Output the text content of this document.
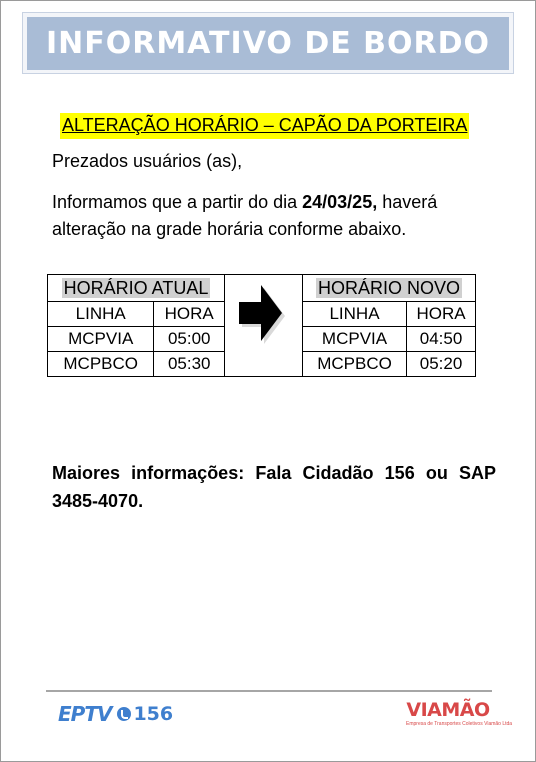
INFORMATIVO DE BORDO
ALTERAÇÃO HORÁRIO – CAPÃO DA PORTEIRA
Prezados usuários (as),

Informamos que a partir do dia 24/03/25, haverá alteração na grade horária conforme abaixo.

HORÁRIO ATUAL	
LINHA	HORA
MCPVIA	05:00
MCPBCO	05:30
HORÁRIO NOVO	
LINHA	HORA
MCPVIA	04:50
MCPBCO	05:20

Maiores informações: Fala Cidadão 156 ou SAP 3485-4070.

EPTV 156	VIAMÃO
Empresa de Transportes Coletivos Viamão Ltda
